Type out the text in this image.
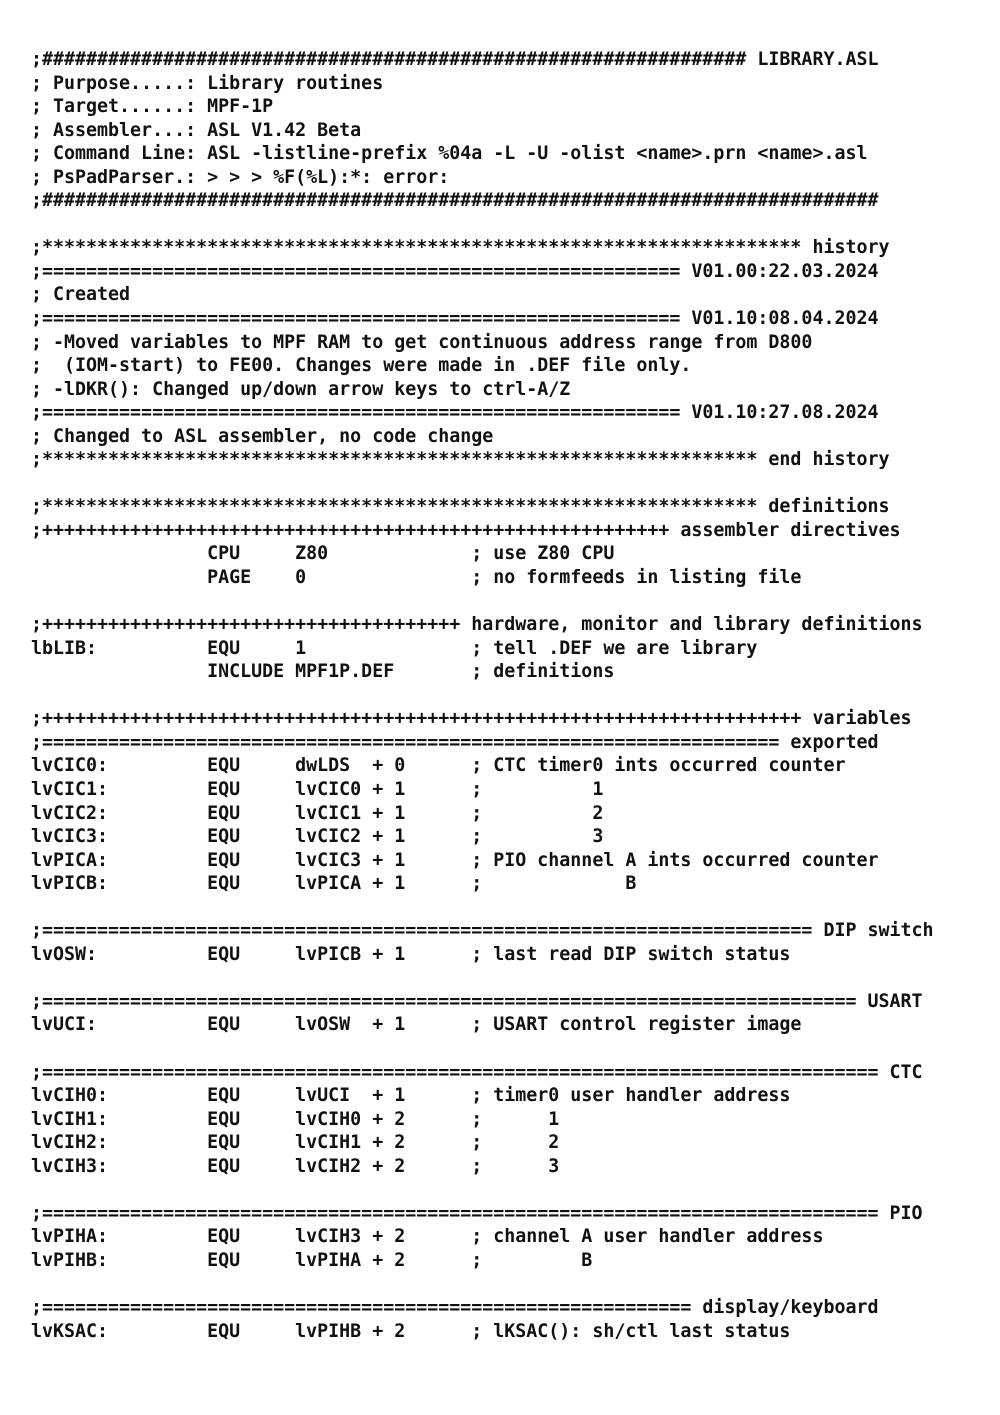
;################################################################ LIBRARY.ASL
; Purpose.....: Library routines
; Target......: MPF-1P
; Assembler...: ASL V1.42 Beta
; Command Line: ASL -listline-prefix %04a -L -U -olist <name>.prn <name>.asl
; PsPadParser.: > > > %F(%L):*: error:
;############################################################################
;********************************************************************* history
;========================================================== V01.00:22.03.2024
; Created
;========================================================== V01.10:08.04.2024
; -Moved variables to MPF RAM to get continuous address range from D800
;  (IOM-start) to FE00. Changes were made in .DEF file only.
; -lDKR(): Changed up/down arrow keys to ctrl-A/Z
;========================================================== V01.10:27.08.2024
; Changed to ASL assembler, no code change
;***************************************************************** end history
;***************************************************************** definitions
;+++++++++++++++++++++++++++++++++++++++++++++++++++++++++ assembler directives
CPU     Z80             ; use Z80 CPU
PAGE    0               ; no formfeeds in listing file
;++++++++++++++++++++++++++++++++++++++ hardware, monitor and library definitions
lbLIB:          EQU     1               ; tell .DEF we are library
INCLUDE MPF1P.DEF       ; definitions
;+++++++++++++++++++++++++++++++++++++++++++++++++++++++++++++++++++++ variables
;=================================================================== exported
lvCIC0:         EQU     dwLDS  + 0      ; CTC timer0 ints occurred counter
lvCIC1:         EQU     lvCIC0 + 1      ;          1
lvCIC2:         EQU     lvCIC1 + 1      ;          2
lvCIC3:         EQU     lvCIC2 + 1      ;          3
lvPICA:         EQU     lvCIC3 + 1      ; PIO channel A ints occurred counter
lvPICB:         EQU     lvPICA + 1      ;             B
;====================================================================== DIP switch
lvOSW:          EQU     lvPICB + 1      ; last read DIP switch status
;========================================================================== USART
lvUCI:          EQU     lvOSW  + 1      ; USART control register image
;============================================================================ CTC
lvCIH0:         EQU     lvUCI  + 1      ; timer0 user handler address
lvCIH1:         EQU     lvCIH0 + 2      ;      1
lvCIH2:         EQU     lvCIH1 + 2      ;      2
lvCIH3:         EQU     lvCIH2 + 2      ;      3
;============================================================================ PIO
lvPIHA:         EQU     lvCIH3 + 2      ; channel A user handler address
lvPIHB:         EQU     lvPIHA + 2      ;         B
;=========================================================== display/keyboard
lvKSAC:         EQU     lvPIHB + 2      ; lKSAC(): sh/ctl last status
